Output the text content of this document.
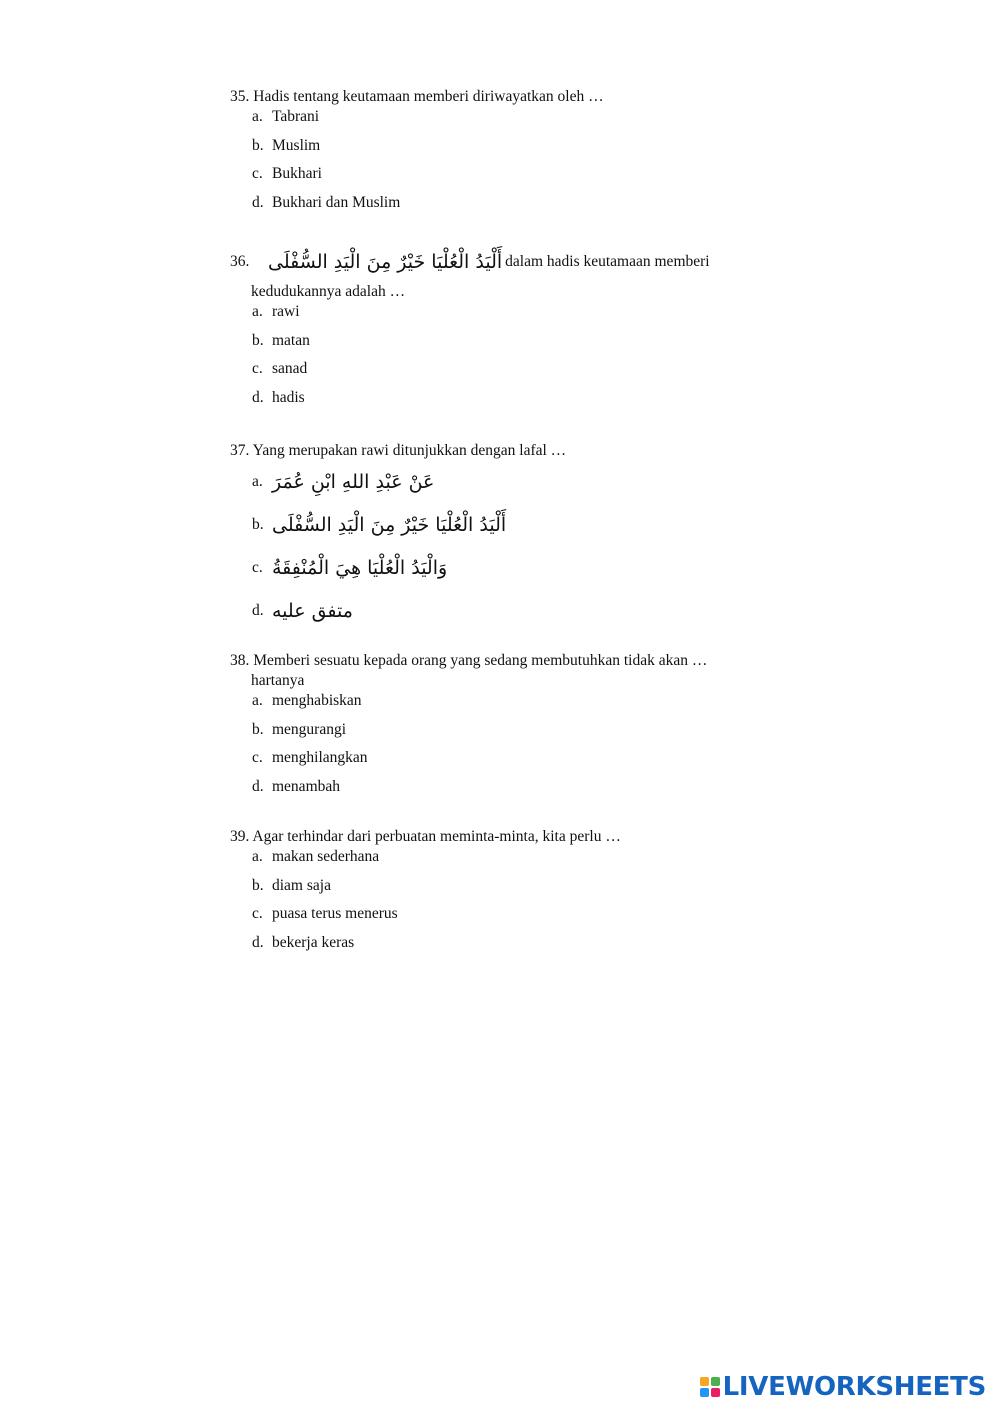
35. Hadis tentang keutamaan memberi diriwayatkan oleh …
a. Tabrani
b. Muslim
c. Bukhari
d. Bukhari dan Muslim
36. أَلْيَدُ الْعُلْيَا خَيْرٌ مِنَ الْيَدِ السُّفْلَى dalam hadis keutamaan memberi
kedudukannya adalah …
a. rawi
b. matan
c. sanad
d. hadis
37. Yang merupakan rawi ditunjukkan dengan lafal …
a. عَنْ عَبْدِ اللهِ ابْنِ عُمَرَ
b. أَلْيَدُ الْعُلْيَا خَيْرٌ مِنَ الْيَدِ السُّفْلَى
c. وَالْيَدُ الْعُلْيَا هِيَ الْمُنْفِقَةُ
d. متفق عليه
38. Memberi sesuatu kepada orang yang sedang membutuhkan tidak akan …
hartanya
a. menghabiskan
b. mengurangi
c. menghilangkan
d. menambah
39. Agar terhindar dari perbuatan meminta-minta, kita perlu …
a. makan sederhana
b. diam saja
c. puasa terus menerus
d. bekerja keras
LIVEWORKSHEETS
